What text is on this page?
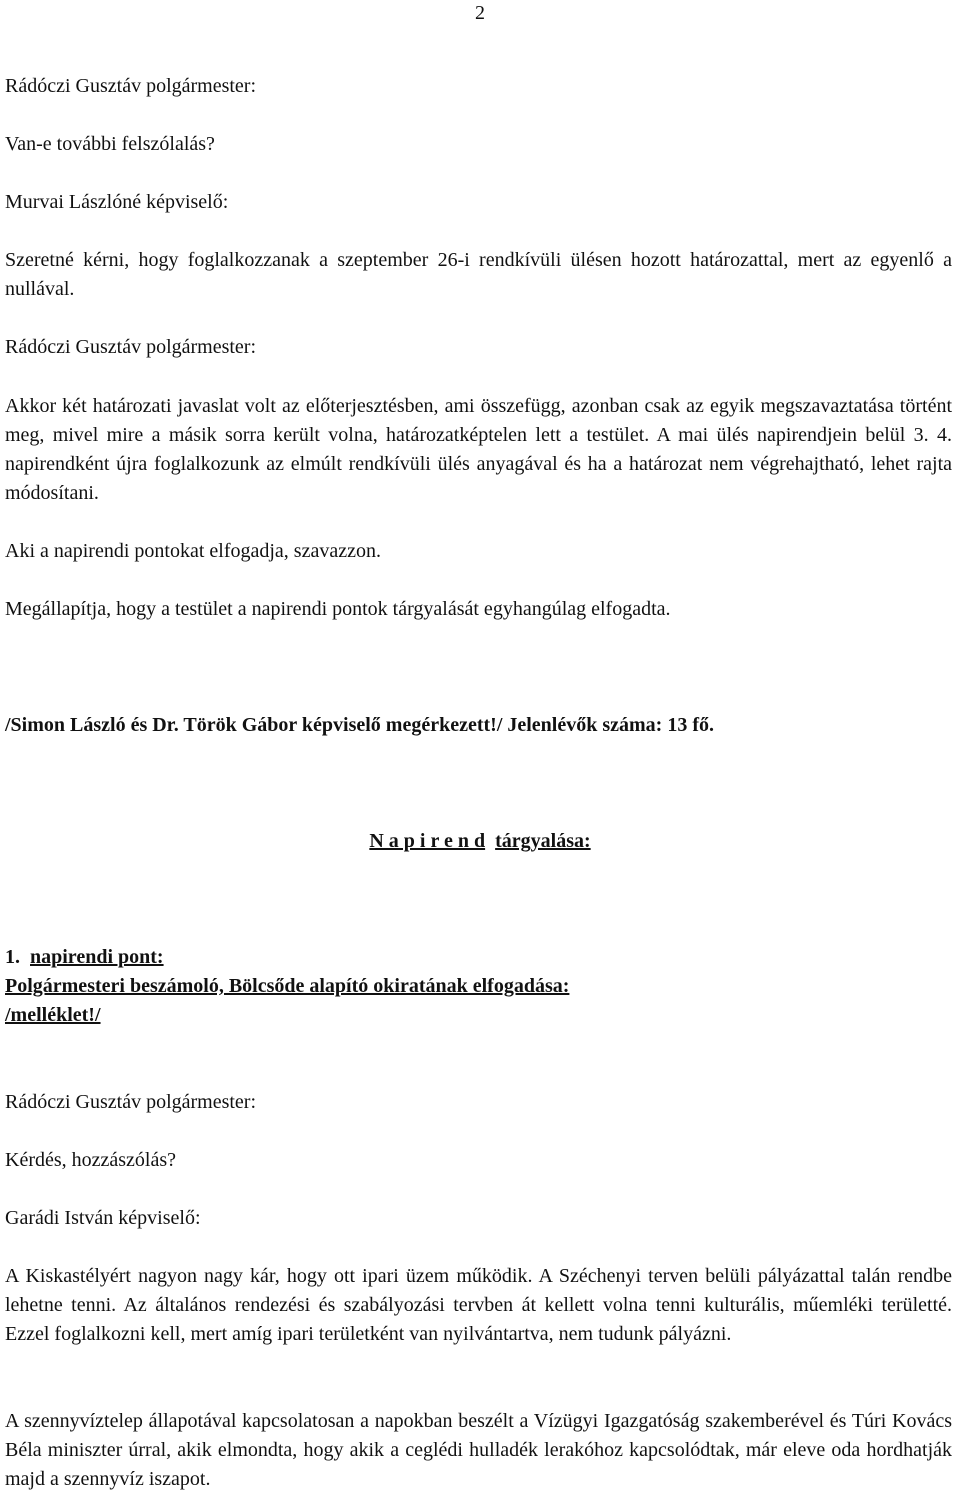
2

Rádóczi Gusztáv polgármester:

Van-e további felszólalás?

Murvai Lászlóné képviselő:

Szeretné kérni, hogy foglalkozzanak a szeptember 26-i rendkívüli ülésen hozott határozattal, mert az egyenlő a nullával.

Rádóczi Gusztáv polgármester:

Akkor két határozati javaslat volt az előterjesztésben, ami összefügg, azonban csak az egyik megszavaztatása történt meg, mivel mire a másik sorra került volna, határozatképtelen lett a testület. A mai ülés napirendjein belül 3. 4. napirendként újra foglalkozunk az elmúlt rendkívüli ülés anyagával és ha a határozat nem végrehajtható, lehet rajta módosítani.

Aki a napirendi pontokat elfogadja, szavazzon.

Megállapítja, hogy a testület a napirendi pontok tárgyalását egyhangúlag elfogadta.

/Simon László és Dr. Török Gábor képviselő megérkezett!/ Jelenlévők száma: 13 fő.

N a p i r e n d tárgyalása:

1. napirendi pont:

Polgármesteri beszámoló, Bölcsőde alapító okiratának elfogadása:

/melléklet!/

Rádóczi Gusztáv polgármester:

Kérdés, hozzászólás?

Garádi István képviselő:

A Kiskastélyért nagyon nagy kár, hogy ott ipari üzem működik. A Széchenyi terven belüli pályázattal talán rendbe lehetne tenni. Az általános rendezési és szabályozási tervben át kellett volna tenni kulturális, műemléki területté. Ezzel foglalkozni kell, mert amíg ipari területként van nyilvántartva, nem tudunk pályázni.

A szennyvíztelep állapotával kapcsolatosan a napokban beszélt a Vízügyi Igazgatóság szakemberével és Túri Kovács Béla miniszter úrral, akik elmondta, hogy akik a ceglédi hulladék lerakóhoz kapcsolódtak, már eleve oda hordhatják majd a szennyvíz iszapot.
